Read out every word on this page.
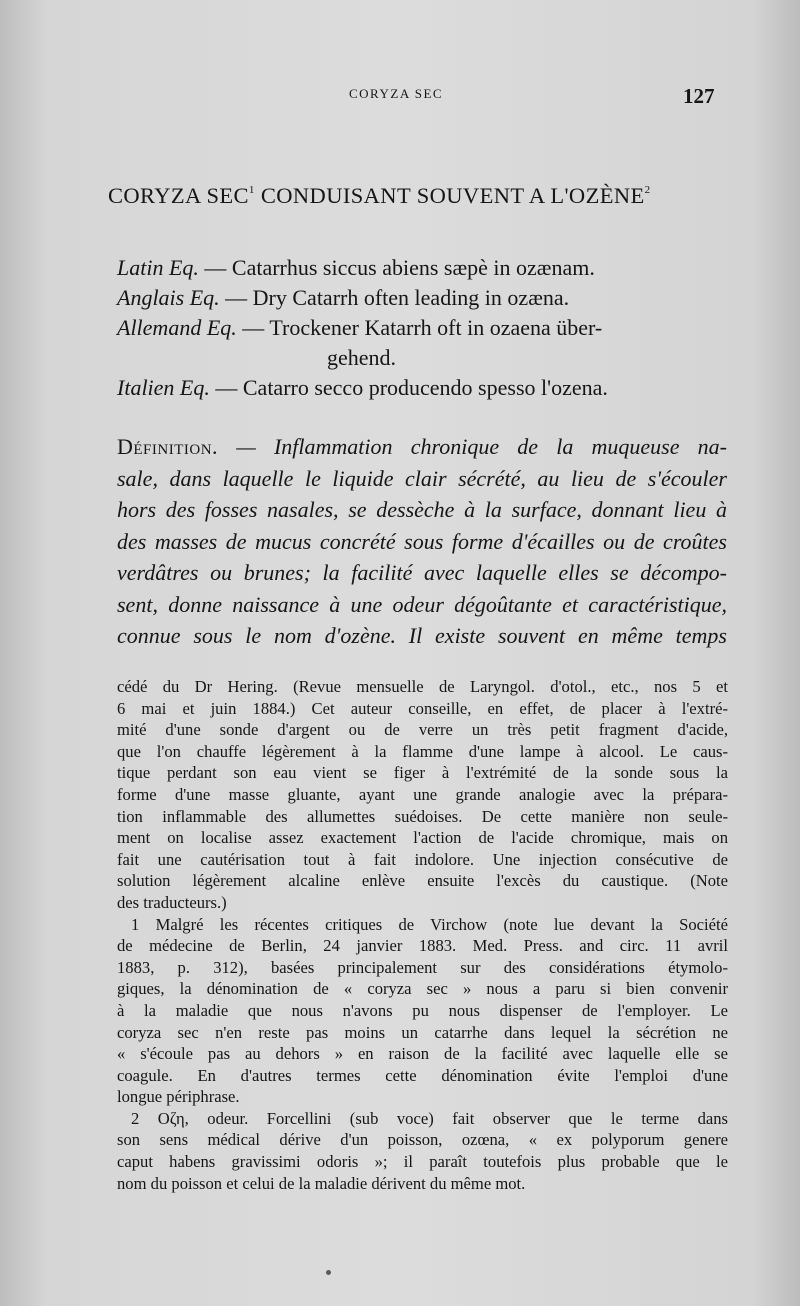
CORYZA SEC	127
CORYZA SEC$^1$ CONDUISANT SOUVENT A L'OZÈNE$^2$
Latin Eq. — Catarrhus siccus abiens sæpè in ozænam.
Anglais Eq. — Dry Catarrh often leading in ozæna.
Allemand Eq. — Trockener Katarrh oft in ozaena über-
gehend.
Italien Eq. — Catarro secco producendo spesso l'ozena.
Définition. — Inflammation chronique de la muqueuse na-
sale, dans laquelle le liquide clair sécrété, au lieu de s'écouler
hors des fosses nasales, se dessèche à la surface, donnant lieu à
des masses de mucus concrété sous forme d'écailles ou de croûtes
verdâtres ou brunes; la facilité avec laquelle elles se décompo-
sent, donne naissance à une odeur dégoûtante et caractéristique,
connue sous le nom d'ozène. Il existe souvent en même temps
cédé du Dr Hering. (Revue mensuelle de Laryngol. d'otol., etc., nos 5 et
6 mai et juin 1884.) Cet auteur conseille, en effet, de placer à l'extré-
mité d'une sonde d'argent ou de verre un très petit fragment d'acide,
que l'on chauffe légèrement à la flamme d'une lampe à alcool. Le caus-
tique perdant son eau vient se figer à l'extrémité de la sonde sous la
forme d'une masse gluante, ayant une grande analogie avec la prépara-
tion inflammable des allumettes suédoises. De cette manière non seule-
ment on localise assez exactement l'action de l'acide chromique, mais on
fait une cautérisation tout à fait indolore. Une injection consécutive de
solution légèrement alcaline enlève ensuite l'excès du caustique. (Note
des traducteurs.)
1 Malgré les récentes critiques de Virchow (note lue devant la Société
de médecine de Berlin, 24 janvier 1883. Med. Press. and circ. 11 avril
1883, p. 312), basées principalement sur des considérations étymolo-
giques, la dénomination de « coryza sec » nous a paru si bien convenir
à la maladie que nous n'avons pu nous dispenser de l'employer. Le
coryza sec n'en reste pas moins un catarrhe dans lequel la sécrétion ne
« s'écoule pas au dehors » en raison de la facilité avec laquelle elle se
coagule. En d'autres termes cette dénomination évite l'emploi d'une
longue périphrase.
2 Οζη, odeur. Forcellini (sub voce) fait observer que le terme dans
son sens médical dérive d'un poisson, ozœna, « ex polyporum genere
caput habens gravissimi odoris »; il paraît toutefois plus probable que le
nom du poisson et celui de la maladie dérivent du même mot.
